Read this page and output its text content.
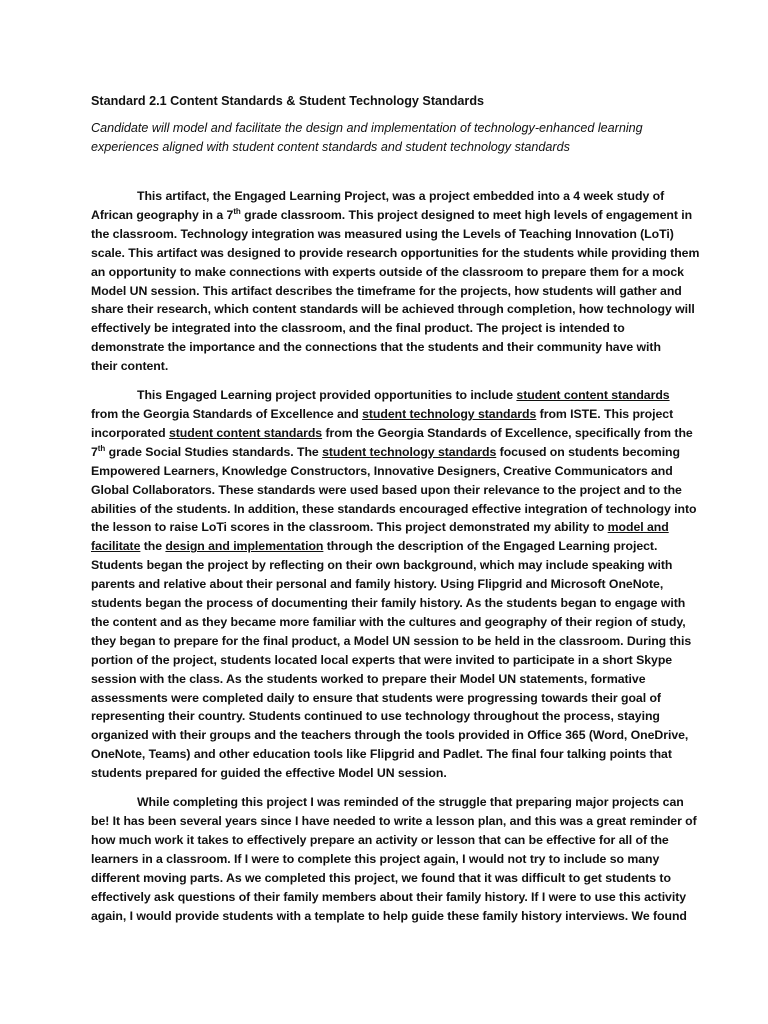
Standard 2.1 Content Standards & Student Technology Standards
Candidate will model and facilitate the design and implementation of technology-enhanced learning
experiences aligned with student content standards and student technology standards
This artifact, the Engaged Learning Project, was a project embedded into a 4 week study of
African geography in a 7th grade classroom. This project designed to meet high levels of engagement in
the classroom. Technology integration was measured using the Levels of Teaching Innovation (LoTi)
scale. This artifact was designed to provide research opportunities for the students while providing them
an opportunity to make connections with experts outside of the classroom to prepare them for a mock
Model UN session. This artifact describes the timeframe for the projects, how students will gather and
share their research, which content standards will be achieved through completion, how technology will
effectively be integrated into the classroom, and the final product. The project is intended to
demonstrate the importance and the connections that the students and their community have with
their content.
This Engaged Learning project provided opportunities to include student content standards
from the Georgia Standards of Excellence and student technology standards from ISTE. This project
incorporated student content standards from the Georgia Standards of Excellence, specifically from the
7th grade Social Studies standards. The student technology standards focused on students becoming
Empowered Learners, Knowledge Constructors, Innovative Designers, Creative Communicators and
Global Collaborators. These standards were used based upon their relevance to the project and to the
abilities of the students. In addition, these standards encouraged effective integration of technology into
the lesson to raise LoTi scores in the classroom. This project demonstrated my ability to model and
facilitate the design and implementation through the description of the Engaged Learning project.
Students began the project by reflecting on their own background, which may include speaking with
parents and relative about their personal and family history. Using Flipgrid and Microsoft OneNote,
students began the process of documenting their family history. As the students began to engage with
the content and as they became more familiar with the cultures and geography of their region of study,
they began to prepare for the final product, a Model UN session to be held in the classroom. During this
portion of the project, students located local experts that were invited to participate in a short Skype
session with the class. As the students worked to prepare their Model UN statements, formative
assessments were completed daily to ensure that students were progressing towards their goal of
representing their country. Students continued to use technology throughout the process, staying
organized with their groups and the teachers through the tools provided in Office 365 (Word, OneDrive,
OneNote, Teams) and other education tools like Flipgrid and Padlet. The final four talking points that
students prepared for guided the effective Model UN session.
While completing this project I was reminded of the struggle that preparing major projects can
be! It has been several years since I have needed to write a lesson plan, and this was a great reminder of
how much work it takes to effectively prepare an activity or lesson that can be effective for all of the
learners in a classroom. If I were to complete this project again, I would not try to include so many
different moving parts. As we completed this project, we found that it was difficult to get students to
effectively ask questions of their family members about their family history. If I were to use this activity
again, I would provide students with a template to help guide these family history interviews. We found
